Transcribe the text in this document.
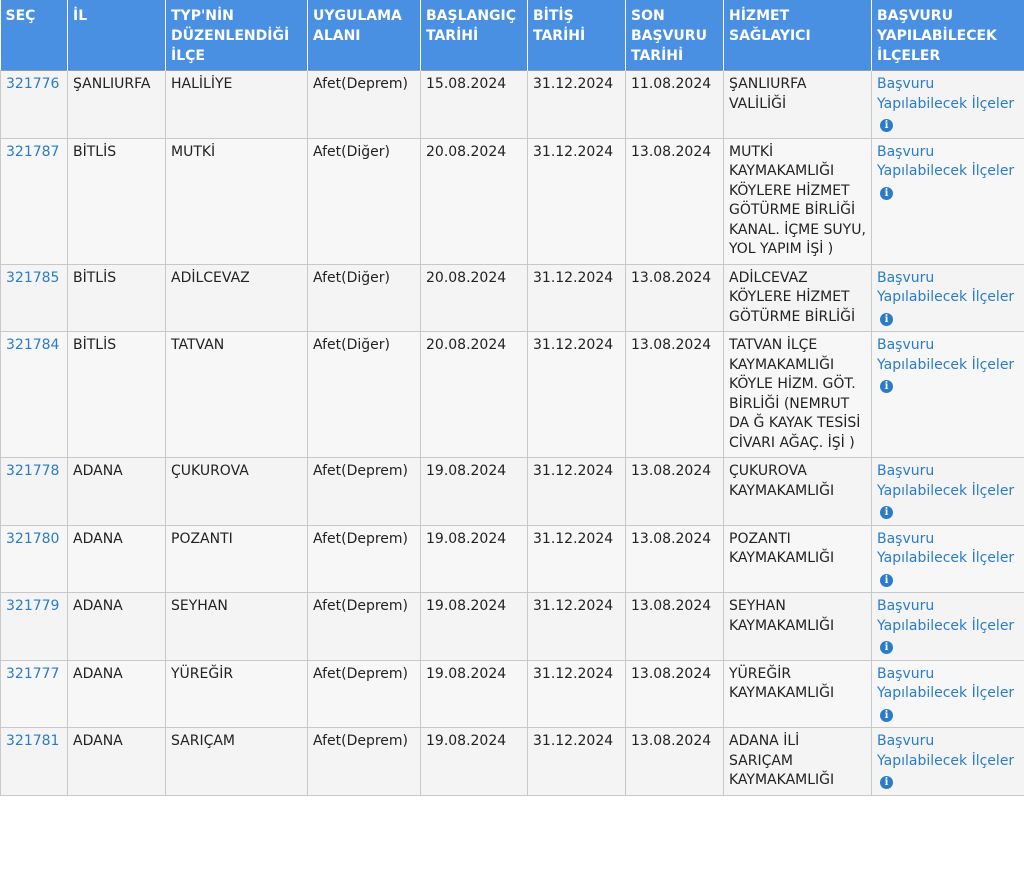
SEÇ	İL	TYP'NİN DÜZENLENDİĞİ İLÇE	UYGULAMA ALANI	BAŞLANGIÇ TARİHİ	BİTİŞ TARİHİ	SON BAŞVURU TARİHİ	HİZMET SAĞLAYICI	BAŞVURU YAPILABİLECEK İLÇELER
321776	ŞANLIURFA	HALİLİYE	Afet(Deprem)	15.08.2024	31.12.2024	11.08.2024	ŞANLIURFA VALİLİĞİ	Başvuru Yapılabilecek İlçeleri
321787	BİTLİS	MUTKİ	Afet(Diğer)	20.08.2024	31.12.2024	13.08.2024	MUTKİ KAYMAKAMLIĞI KÖYLERE HİZMET GÖTÜRME BİRLİĞİ KANAL. İÇME SUYU, YOL YAPIM İŞİ )	Başvuru Yapılabilecek İlçeleri
321785	BİTLİS	ADİLCEVAZ	Afet(Diğer)	20.08.2024	31.12.2024	13.08.2024	ADİLCEVAZ KÖYLERE HİZMET GÖTÜRME BİRLİĞİ	Başvuru Yapılabilecek İlçeleri
321784	BİTLİS	TATVAN	Afet(Diğer)	20.08.2024	31.12.2024	13.08.2024	TATVAN İLÇE KAYMAKAMLIĞI KÖYLE HİZM. GÖT. BİRLİĞİ (NEMRUT DA Ğ KAYAK TESİSİ CİVARI AĞAÇ. İŞİ )	Başvuru Yapılabilecek İlçeleri
321778	ADANA	ÇUKUROVA	Afet(Deprem)	19.08.2024	31.12.2024	13.08.2024	ÇUKUROVA KAYMAKAMLIĞI	Başvuru Yapılabilecek İlçeleri
321780	ADANA	POZANTI	Afet(Deprem)	19.08.2024	31.12.2024	13.08.2024	POZANTI KAYMAKAMLIĞI	Başvuru Yapılabilecek İlçeleri
321779	ADANA	SEYHAN	Afet(Deprem)	19.08.2024	31.12.2024	13.08.2024	SEYHAN KAYMAKAMLIĞI	Başvuru Yapılabilecek İlçeleri
321777	ADANA	YÜREĞİR	Afet(Deprem)	19.08.2024	31.12.2024	13.08.2024	YÜREĞİR KAYMAKAMLIĞI	Başvuru Yapılabilecek İlçeleri
321781	ADANA	SARIÇAM	Afet(Deprem)	19.08.2024	31.12.2024	13.08.2024	ADANA İLİ SARIÇAM KAYMAKAMLIĞI	Başvuru Yapılabilecek İlçeleri
